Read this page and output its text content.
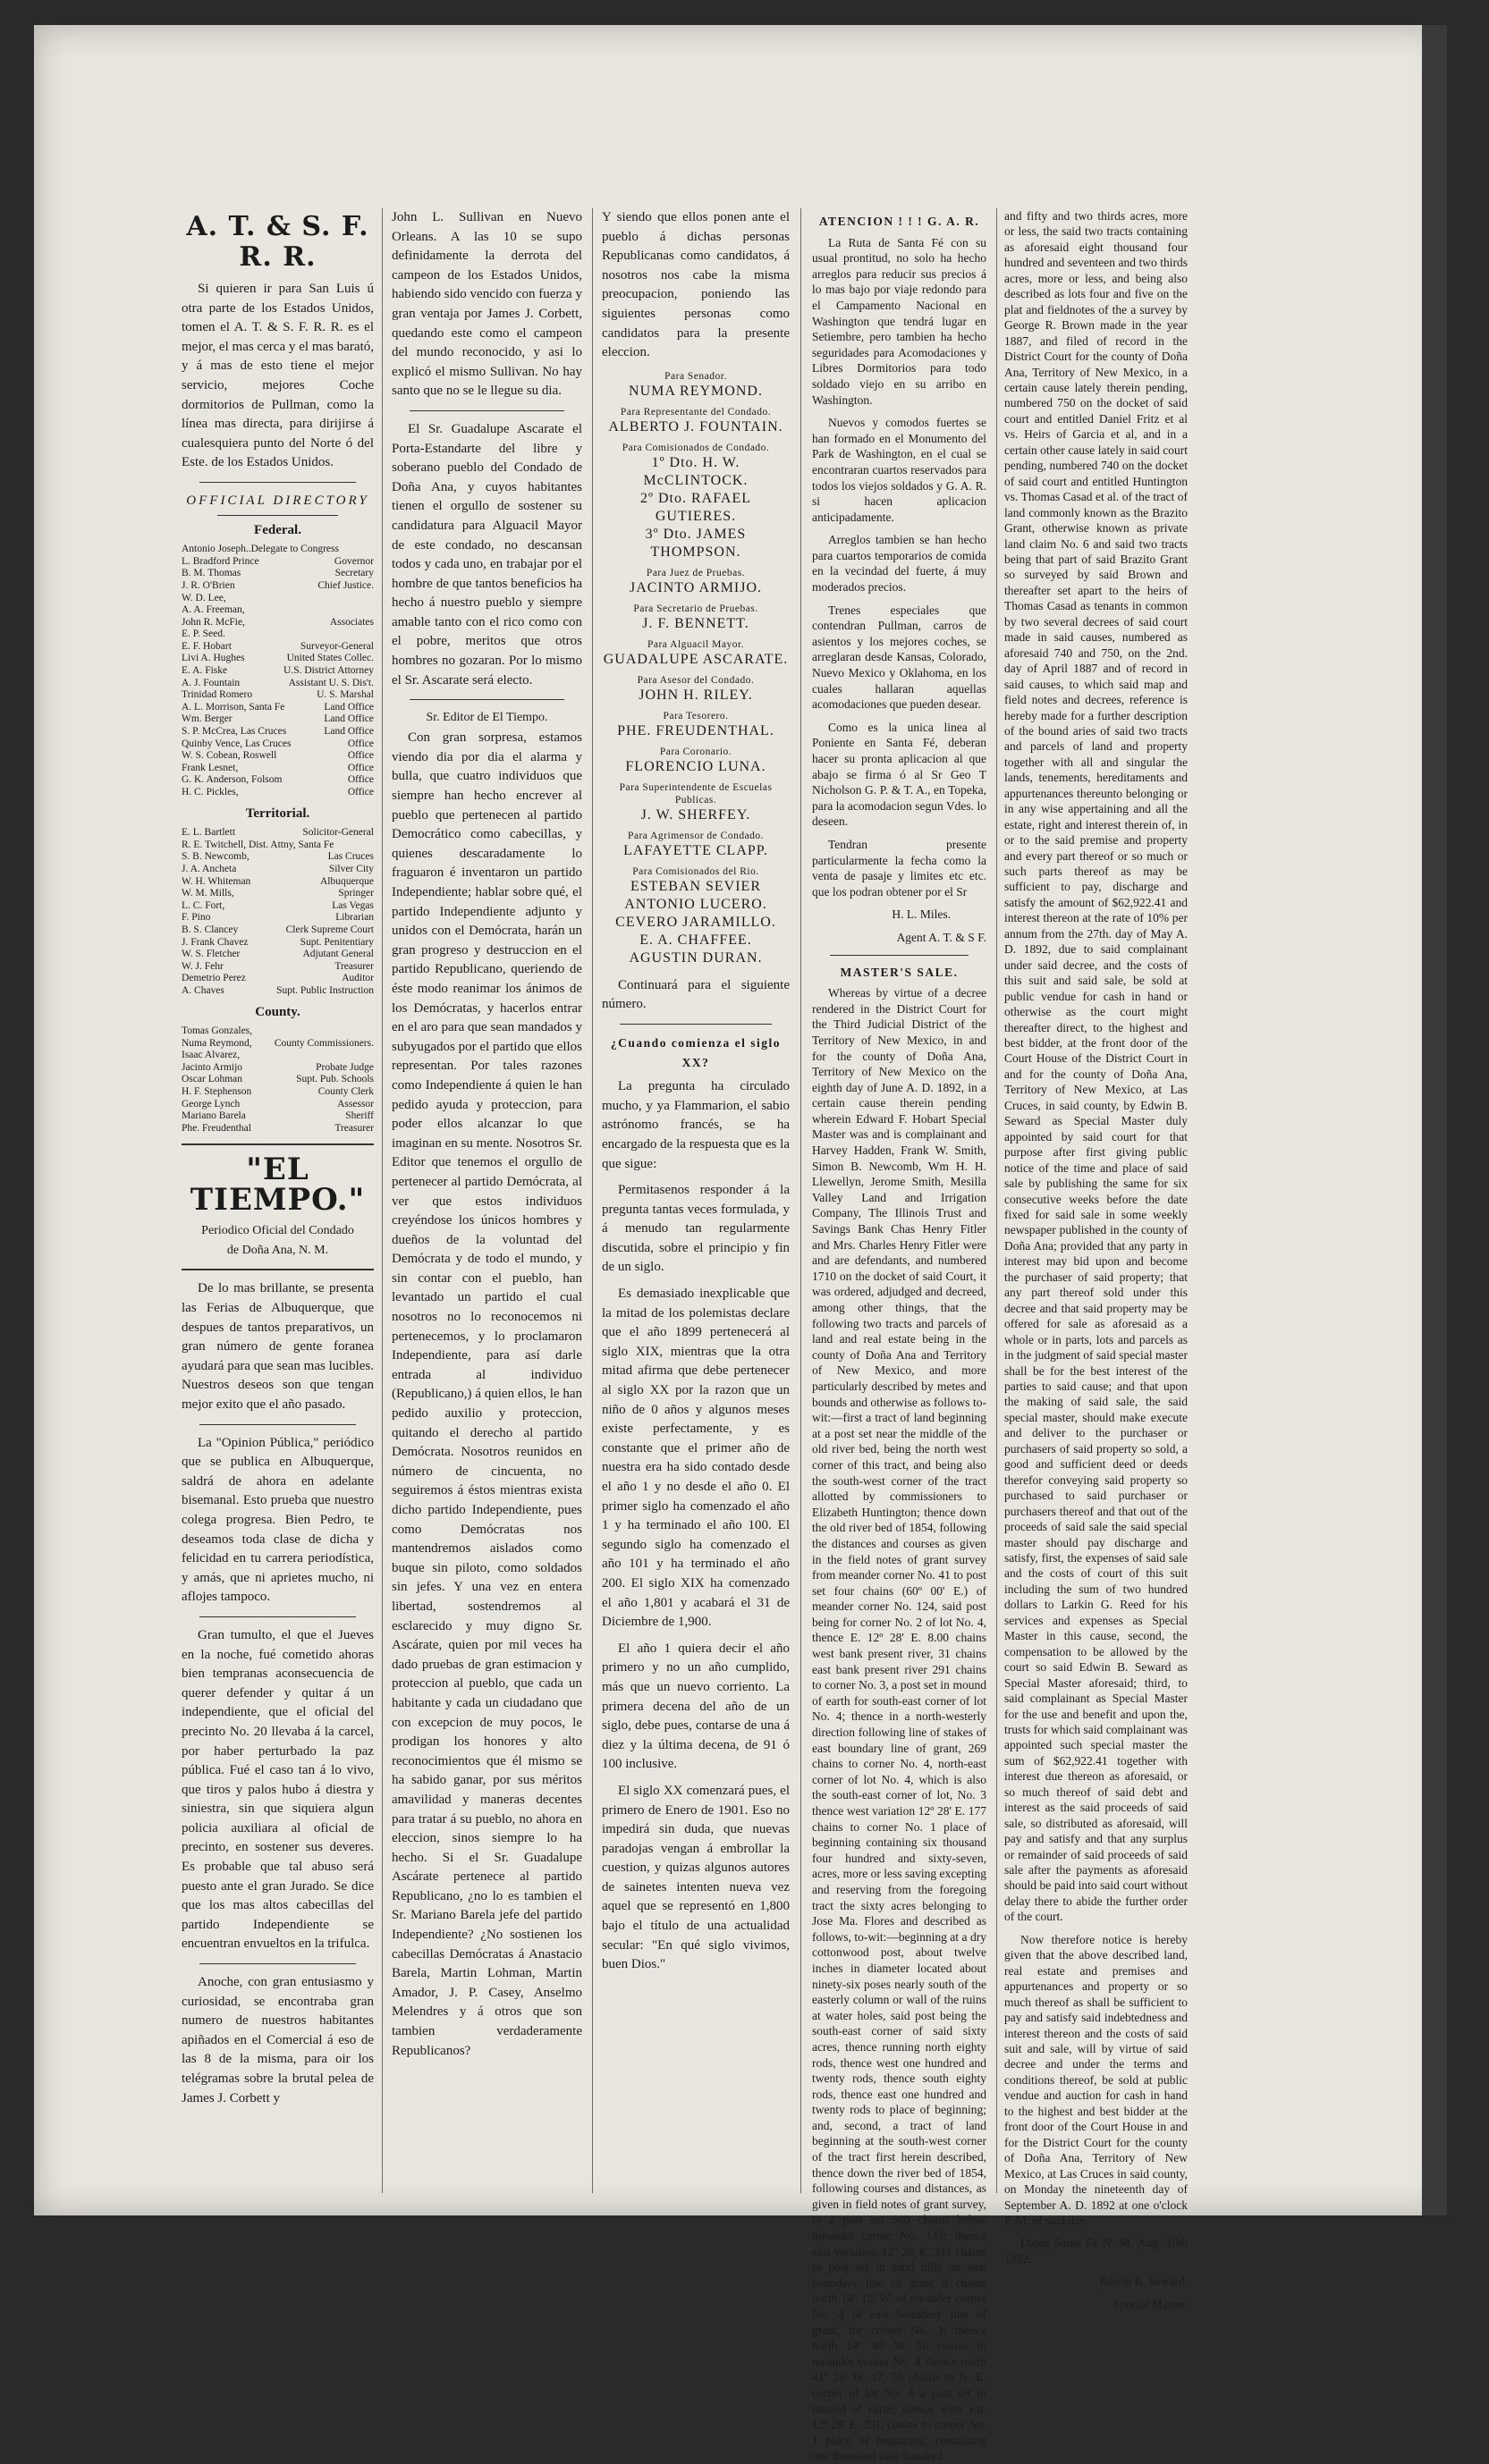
A. T. & S. F. R. R.

Si quieren ir para San Luis ú otra parte de los Estados Unidos, tomen el A. T. & S. F. R. R. es el mejor, el mas cerca y el mas barató, y á mas de esto tiene el mejor servicio, mejores Coche dormitorios de Pullman, como la línea mas directa, para dirijirse á cualesquiera punto del Norte ó del Este. de los Estados Unidos.

OFFICIAL DIRECTORY
Federal.
Antonio Joseph..Delegate to Congress
L. Bradford Prince	Governor
B. M. Thomas	Secretary
J. R. O'Brien	Chief Justice.
W. D. Lee,
A. A. Freeman,
John R. McFie,	Associates
E. P. Seed.
E. F. Hobart	Surveyor-General
Livi A. Hughes	United States Collec.
E. A. Fiske	U.S. District Attorney
A. J. Fountain	Assistant U. S. Dis't.
Trinidad Romero	U. S. Marshal
A. L. Morrison, Santa Fe	Land Office
Wm. Berger	Land Office
S. P. McCrea, Las Cruces	Land Office
Quinby Vence, Las Cruces	Office
W. S. Cobean, Roswell	Office
Frank Lesnet,	Office
G. K. Anderson, Folsom	Office
H. C. Pickles,	Office
Territorial.
E. L. Bartlett	Solicitor-General
R. E. Twitchell, Dist. Attny, Santa Fe
S. B. Newcomb,	Las Cruces
J. A. Ancheta	Silver City
W. H. Whiteman	Albuquerque
W. M. Mills,	Springer
L. C. Fort,	Las Vegas
F. Pino	Librarian
B. S. Clancey	Clerk Supreme Court
J. Frank Chavez	Supt. Penitentiary
W. S. Fletcher	Adjutant General
W. J. Fehr	Treasurer
Demetrio Perez	Auditor
A. Chaves	Supt. Public Instruction
County.
Tomas Gonzales,
Numa Reymond,	County Commissioners.
Isaac Alvarez,
Jacinto Armijo	Probate Judge
Oscar Lohman	Supt. Pub. Schools
H. F. Stephenson	County Clerk
George Lynch	Assessor
Mariano Barela	Sheriff
Phe. Freudenthal	Treasurer
"EL TIEMPO."
Periodico Oficial del Condado
de Doña Ana, N. M.

De lo mas brillante, se presenta las Ferias de Albuquerque, que despues de tantos preparativos, un gran número de gente foranea ayudará para que sean mas lucibles. Nuestros deseos son que tengan mejor exito que el año pasado.

La "Opinion Pública," periódico que se publica en Albuquerque, saldrá de ahora en adelante bisemanal. Esto prueba que nuestro colega progresa. Bien Pedro, te deseamos toda clase de dicha y felicidad en tu carrera periodística, y amás, que ni aprietes mucho, ni aflojes tampoco.

Gran tumulto, el que el Jueves en la noche, fué cometido ahoras bien tempranas aconsecuencia de querer defender y quitar á un independiente, que el oficial del precinto No. 20 llevaba á la carcel, por haber perturbado la paz pública. Fué el caso tan á lo vivo, que tiros y palos hubo á diestra y siniestra, sin que siquiera algun policia auxiliara al oficial de precinto, en sostener sus deveres. Es probable que tal abuso será puesto ante el gran Jurado. Se dice que los mas altos cabecillas del partido Independiente se encuentran envueltos en la trifulca.

Anoche, con gran entusiasmo y curiosidad, se encontraba gran numero de nuestros habitantes apiñados en el Comercial á eso de las 8 de la misma, para oir los telégramas sobre la brutal pelea de James J. Corbett y

John L. Sullivan en Nuevo Orleans. A las 10 se supo definidamente la derrota del campeon de los Estados Unidos, habiendo sido vencido con fuerza y gran ventaja por James J. Corbett, quedando este como el campeon del mundo reconocido, y asi lo explicó el mismo Sullivan. No hay santo que no se le llegue su dia.

El Sr. Guadalupe Ascarate el Porta-Estandarte del libre y soberano pueblo del Condado de Doña Ana, y cuyos habitantes tienen el orgullo de sostener su candidatura para Alguacil Mayor de este condado, no descansan todos y cada uno, en trabajar por el hombre de que tantos beneficios ha hecho á nuestro pueblo y siempre amable tanto con el rico como con el pobre, meritos que otros hombres no gozaran. Por lo mismo el Sr. Ascarate será electo.

Sr. Editor de El Tiempo.

Con gran sorpresa, estamos viendo dia por dia el alarma y bulla, que cuatro individuos que siempre han hecho encrever al pueblo que pertenecen al partido Democrático como cabecillas, y quienes descaradamente lo fraguaron é inventaron un partido Independiente; hablar sobre qué, el partido Independiente adjunto y unidos con el Demócrata, harán un gran progreso y destruccion en el partido Republicano, queriendo de éste modo reanimar los ánimos de los Demócratas, y hacerlos entrar en el aro para que sean mandados y subyugados por el partido que ellos representan. Por tales razones como Independiente á quien le han pedido ayuda y proteccion, para poder ellos alcanzar lo que imaginan en su mente. Nosotros Sr. Editor que tenemos el orgullo de pertenecer al partido Demócrata, al ver que estos individuos creyéndose los únicos hombres y dueños de la voluntad del Demócrata y de todo el mundo, y sin contar con el pueblo, han levantado un partido el cual nosotros no lo reconocemos ni pertenecemos, y lo proclamaron Independiente, para así darle entrada al individuo (Republicano,) á quien ellos, le han pedido auxilio y proteccion, quitando el derecho al partido Demócrata. Nosotros reunidos en número de cincuenta, no seguiremos á éstos mientras exista dicho partido Independiente, pues como Demócratas nos mantendremos aislados como buque sin piloto, como soldados sin jefes. Y una vez en entera libertad, sostendremos al esclarecido y muy digno Sr. Ascárate, quien por mil veces ha dado pruebas de gran estimacion y proteccion al pueblo, que cada un habitante y cada un ciudadano que con excepcion de muy pocos, le prodigan los honores y alto reconocimientos que él mismo se ha sabido ganar, por sus méritos amavilidad y maneras decentes para tratar á su pueblo, no ahora en eleccion, sinos siempre lo ha hecho. Si el Sr. Guadalupe Ascárate pertenece al partido Republicano, ¿no lo es tambien el Sr. Mariano Barela jefe del partido Independiente? ¿No sostienen los cabecillas Demócratas á Anastacio Barela, Martin Lohman, Martin Amador, J. P. Casey, Anselmo Melendres y á otros que son tambien verdaderamente Republicanos?

Y siendo que ellos ponen ante el pueblo á dichas personas Republicanas como candidatos, á nosotros nos cabe la misma preocupacion, poniendo las siguientes personas como candidatos para la presente eleccion.

Para Senador.
NUMA REYMOND.
Para Representante del Condado.
ALBERTO J. FOUNTAIN.
Para Comisionados de Condado.
1º Dto. H. W. McCLINTOCK.
2º Dto. RAFAEL GUTIERES.
3º Dto. JAMES THOMPSON.
Para Juez de Pruebas.
JACINTO ARMIJO.
Para Secretario de Pruebas.
J. F. BENNETT.
Para Alguacil Mayor.
GUADALUPE ASCARATE.
Para Asesor del Condado.
JOHN H. RILEY.
Para Tesorero.
PHE. FREUDENTHAL.
Para Coronario.
FLORENCIO LUNA.
Para Superintendente de Escuelas Publicas.
J. W. SHERFEY.
Para Agrimensor de Condado.
LAFAYETTE CLAPP.
Para Comisionados del Rio.
ESTEBAN SEVIER
ANTONIO LUCERO.
CEVERO JARAMILLO.
E. A. CHAFFEE.
AGUSTIN DURAN.

Continuará para el siguiente número.

¿Cuando comienza el siglo XX?

La pregunta ha circulado mucho, y ya Flammarion, el sabio astrónomo francés, se ha encargado de la respuesta que es la que sigue:

Permitasenos responder á la pregunta tantas veces formulada, y á menudo tan regularmente discutida, sobre el principio y fin de un siglo.

Es demasiado inexplicable que la mitad de los polemistas declare que el año 1899 pertenecerá al siglo XIX, mientras que la otra mitad afirma que debe pertenecer al siglo XX por la razon que un niño de 0 años y algunos meses existe perfectamente, y es constante que el primer año de nuestra era ha sido contado desde el año 1 y no desde el año 0. El primer siglo ha comenzado el año 1 y ha terminado el año 100. El segundo siglo ha comenzado el año 101 y ha terminado el año 200. El siglo XIX ha comenzado el año 1,801 y acabará el 31 de Diciembre de 1,900.

El año 1 quiera decir el año primero y no un año cumplido, más que un nuevo corriento. La primera decena del año de un siglo, debe pues, contarse de una á diez y la última decena, de 91 ó 100 inclusive.

El siglo XX comenzará pues, el primero de Enero de 1901. Eso no impedirá sin duda, que nuevas paradojas vengan á embrollar la cuestion, y quizas algunos autores de sainetes intenten nueva vez aquel que se representó en 1,800 bajo el título de una actualidad secular: "En qué siglo vivimos, buen Dios."

ATENCION ! ! ! G. A. R.

La Ruta de Santa Fé con su usual prontitud, no solo ha hecho arreglos para reducir sus precios á lo mas bajo por viaje redondo para el Campamento Nacional en Washington que tendrá lugar en Setiembre, pero tambien ha hecho seguridades para Acomodaciones y Libres Dormitorios para todo soldado viejo en su arribo en Washington.

Nuevos y comodos fuertes se han formado en el Monumento del Park de Washington, en el cual se encontraran cuartos reservados para todos los viejos soldados y G. A. R. si hacen aplicacion anticipadamente.

Arreglos tambien se han hecho para cuartos temporarios de comida en la vecindad del fuerte, á muy moderados precios.

Trenes especiales que contendran Pullman, carros de asientos y los mejores coches, se arreglaran desde Kansas, Colorado, Nuevo Mexico y Oklahoma, en los cuales hallaran aquellas acomodaciones que pueden desear.

Como es la unica linea al Poniente en Santa Fé, deberan hacer su pronta aplicacion al que abajo se firma ó al Sr Geo T Nicholson G. P. & T. A., en Topeka, para la acomodacion segun Vdes. lo deseen.

Tendran presente particularmente la fecha como la venta de pasaje y limites etc etc. que los podran obtener por el Sr

H. L. Miles.

Agent A. T. & S F.

MASTER'S SALE.

Whereas by virtue of a decree rendered in the District Court for the Third Judicial District of the Territory of New Mexico, in and for the county of Doña Ana, Territory of New Mexico on the eighth day of June A. D. 1892, in a certain cause therein pending wherein Edward F. Hobart Special Master was and is complainant and Harvey Hadden, Frank W. Smith, Simon B. Newcomb, Wm H. H. Llewellyn, Jerome Smith, Mesilla Valley Land and Irrigation Company, The Illinois Trust and Savings Bank Chas Henry Fitler and Mrs. Charles Henry Fitler were and are defendants, and numbered 1710 on the docket of said Court, it was ordered, adjudged and decreed, among other things, that the following two tracts and parcels of land and real estate being in the county of Doña Ana and Territory of New Mexico, and more particularly described by metes and bounds and otherwise as follows to-wit:—first a tract of land beginning at a post set near the middle of the old river bed, being the north west corner of this tract, and being also the south-west corner of the tract allotted by commissioners to Elizabeth Huntington; thence down the old river bed of 1854, following the distances and courses as given in the field notes of grant survey from meander corner No. 41 to post set four chains (60º 00' E.) of meander corner No. 124, said post being for corner No. 2 of lot No. 4, thence E. 12º 28' E. 8.00 chains west bank present river, 31 chains east bank present river 291 chains to corner No. 3, a post set in mound of earth for south-east corner of lot No. 4; thence in a north-westerly direction following line of stakes of east boundary line of grant, 269 chains to corner No. 4, north-east corner of lot No. 4, which is also the south-east corner of lot, No. 3 thence west variation 12º 28' E. 177 chains to corner No. 1 place of beginning containing six thousand four hundred and sixty-seven, acres, more or less saving excepting and reserving from the foregoing tract the sixty acres belonging to Jose Ma. Flores and described as follows, to-wit:—beginning at a dry cottonwood post, about twelve inches in diameter located about ninety-six poses nearly south of the easterly column or wall of the ruins at water holes, said post being the south-east corner of said sixty acres, thence running north eighty rods, thence west one hundred and twenty rods, thence south eighty rods, thence east one hundred and twenty rods to place of beginning; and, second, a tract of land beginning at the south-west corner of the tract first herein described, thence down the river bed of 1854, following courses and distances, as given in field notes of grant survey, to a post set 500 chains below meander corner No. 137; thence east variation 12º 28' E. 331 chains to post set in sand hills on east boundary line of grant 8 chains north 14º 15' W. of meander corner No. 4 of east boundary line of grant, for corner No. 3; thence north 14º 40' W. 56 chains to meander corner No. 4 thence north 41º 20' W. 17, 50 chains to N. E. corner of lot No. 4 a post set in mound of earth; thence west var. 12º 28' E. 291, chains to corner No. 1 place of beginning, containing one thousand nine hundred

and fifty and two thirds acres, more or less, the said two tracts containing as aforesaid eight thousand four hundred and seventeen and two thirds acres, more or less, and being also described as lots four and five on the plat and fieldnotes of the a survey by George R. Brown made in the year 1887, and filed of record in the District Court for the county of Doña Ana, Territory of New Mexico, in a certain cause lately therein pending, numbered 750 on the docket of said court and entitled Daniel Fritz et al vs. Heirs of Garcia et al, and in a certain other cause lately in said court pending, numbered 740 on the docket of said court and entitled Huntington vs. Thomas Casad et al. of the tract of land commonly known as the Brazito Grant, otherwise known as private land claim No. 6 and said two tracts being that part of said Brazito Grant so surveyed by said Brown and thereafter set apart to the heirs of Thomas Casad as tenants in common by two several decrees of said court made in said causes, numbered as aforesaid 740 and 750, on the 2nd. day of April 1887 and of record in said causes, to which said map and field notes and decrees, reference is hereby made for a further description of the bound aries of said two tracts and parcels of land and property together with all and singular the lands, tenements, hereditaments and appurtenances thereunto belonging or in any wise appertaining and all the estate, right and interest therein of, in or to the said premise and property and every part thereof or so much or such parts thereof as may be sufficient to pay, discharge and satisfy the amount of $62,922.41 and interest thereon at the rate of 10% per annum from the 27th. day of May A. D. 1892, due to said complainant under said decree, and the costs of this suit and said sale, be sold at public vendue for cash in hand or otherwise as the court might thereafter direct, to the highest and best bidder, at the front door of the Court House of the District Court in and for the county of Doña Ana, Territory of New Mexico, at Las Cruces, in said county, by Edwin B. Seward as Special Master duly appointed by said court for that purpose after first giving public notice of the time and place of said sale by publishing the same for six consecutive weeks before the date fixed for said sale in some weekly newspaper published in the county of Doña Ana; provided that any party in interest may bid upon and become the purchaser of said property; that any part thereof sold under this decree and that said property may be offered for sale as aforesaid as a whole or in parts, lots and parcels as in the judgment of said special master shall be for the best interest of the parties to said cause; and that upon the making of said sale, the said special master, should make execute and deliver to the purchaser or purchasers of said property so sold, a good and sufficient deed or deeds therefor conveying said property so purchased to said purchaser or purchasers thereof and that out of the proceeds of said sale the said special master should pay discharge and satisfy, first, the expenses of said sale and the costs of court of this suit including the sum of two hundred dollars to Larkin G. Reed for his services and expenses as Special Master in this cause, second, the compensation to be allowed by the court so said Edwin B. Seward as Special Master aforesaid; third, to said complainant as Special Master for the use and benefit and upon the, trusts for which said complainant was appointed such special master the sum of $62,922.41 together with interest due thereon as aforesaid, or so much thereof of said debt and interest as the said proceeds of said sale, so distributed as aforesaid, will pay and satisfy and that any surplus or remainder of said proceeds of said sale after the payments as aforesaid should be paid into said court without delay there to abide the further order of the court.

Now therefore notice is hereby given that the above described land, real estate and premises and appurtenances and property or so much thereof as shall be sufficient to pay and satisfy said indebtedness and interest thereon and the costs of said suit and sale, will by virtue of said decree and under the terms and conditions thereof, be sold at public vendue and auction for cash in hand to the highest and best bidder at the front door of the Court House in and for the District Court for the county of Doña Ana, Territory of New Mexico, at Las Cruces in said county, on Monday the nineteenth day of September A. D. 1892 at one o'clock P. M. of said day.

Dated Santa Fe N. M. Aug. 10th 1892.

Edwin B. Seward.

Special Master.
